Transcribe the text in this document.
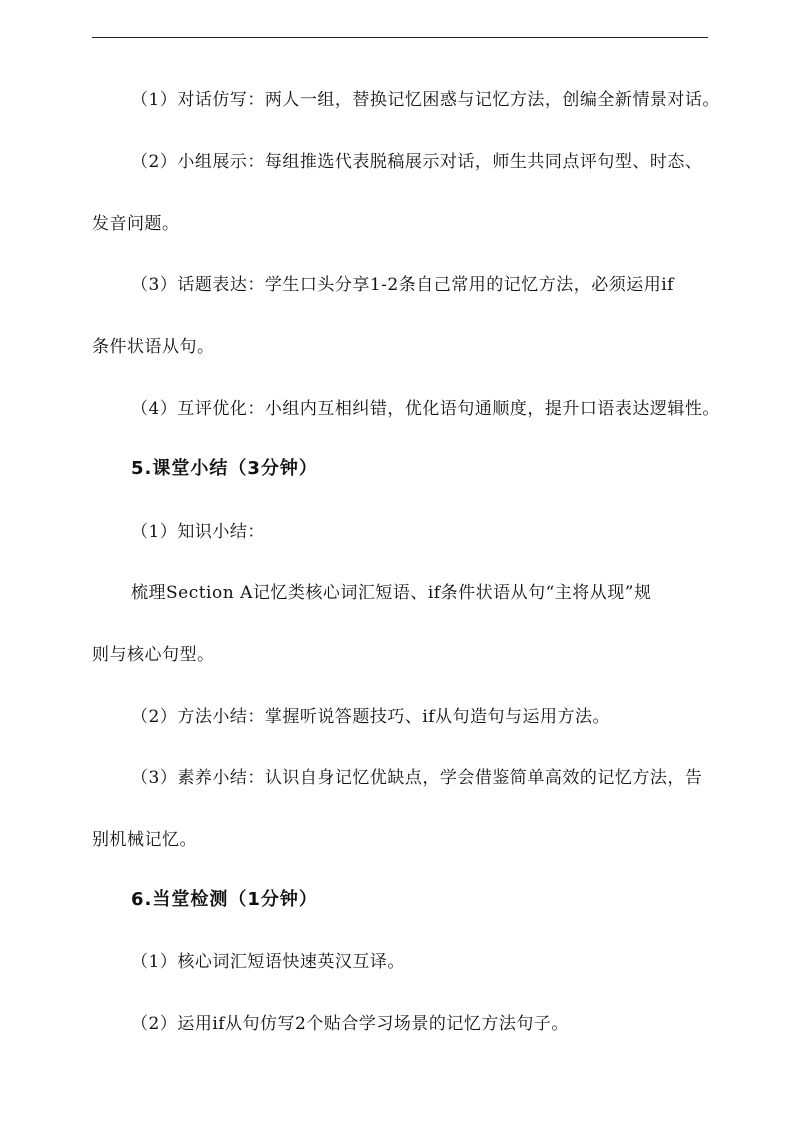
（1）对话仿写：两人一组，替换记忆困惑与记忆方法，创编全新情景对话。
（2）小组展示：每组推选代表脱稿展示对话，师生共同点评句型、时态、
发音问题。
（3）话题表达：学生口头分享1-2条自己常用的记忆方法，必须运用if
条件状语从句。
（4）互评优化：小组内互相纠错，优化语句通顺度，提升口语表达逻辑性。
5.课堂小结（3分钟）
（1）知识小结：
梳理Section A记忆类核心词汇短语、if条件状语从句“主将从现”规
则与核心句型。
（2）方法小结：掌握听说答题技巧、if从句造句与运用方法。
（3）素养小结：认识自身记忆优缺点，学会借鉴简单高效的记忆方法，告
别机械记忆。
6.当堂检测（1分钟）
（1）核心词汇短语快速英汉互译。
（2）运用if从句仿写2个贴合学习场景的记忆方法句子。
